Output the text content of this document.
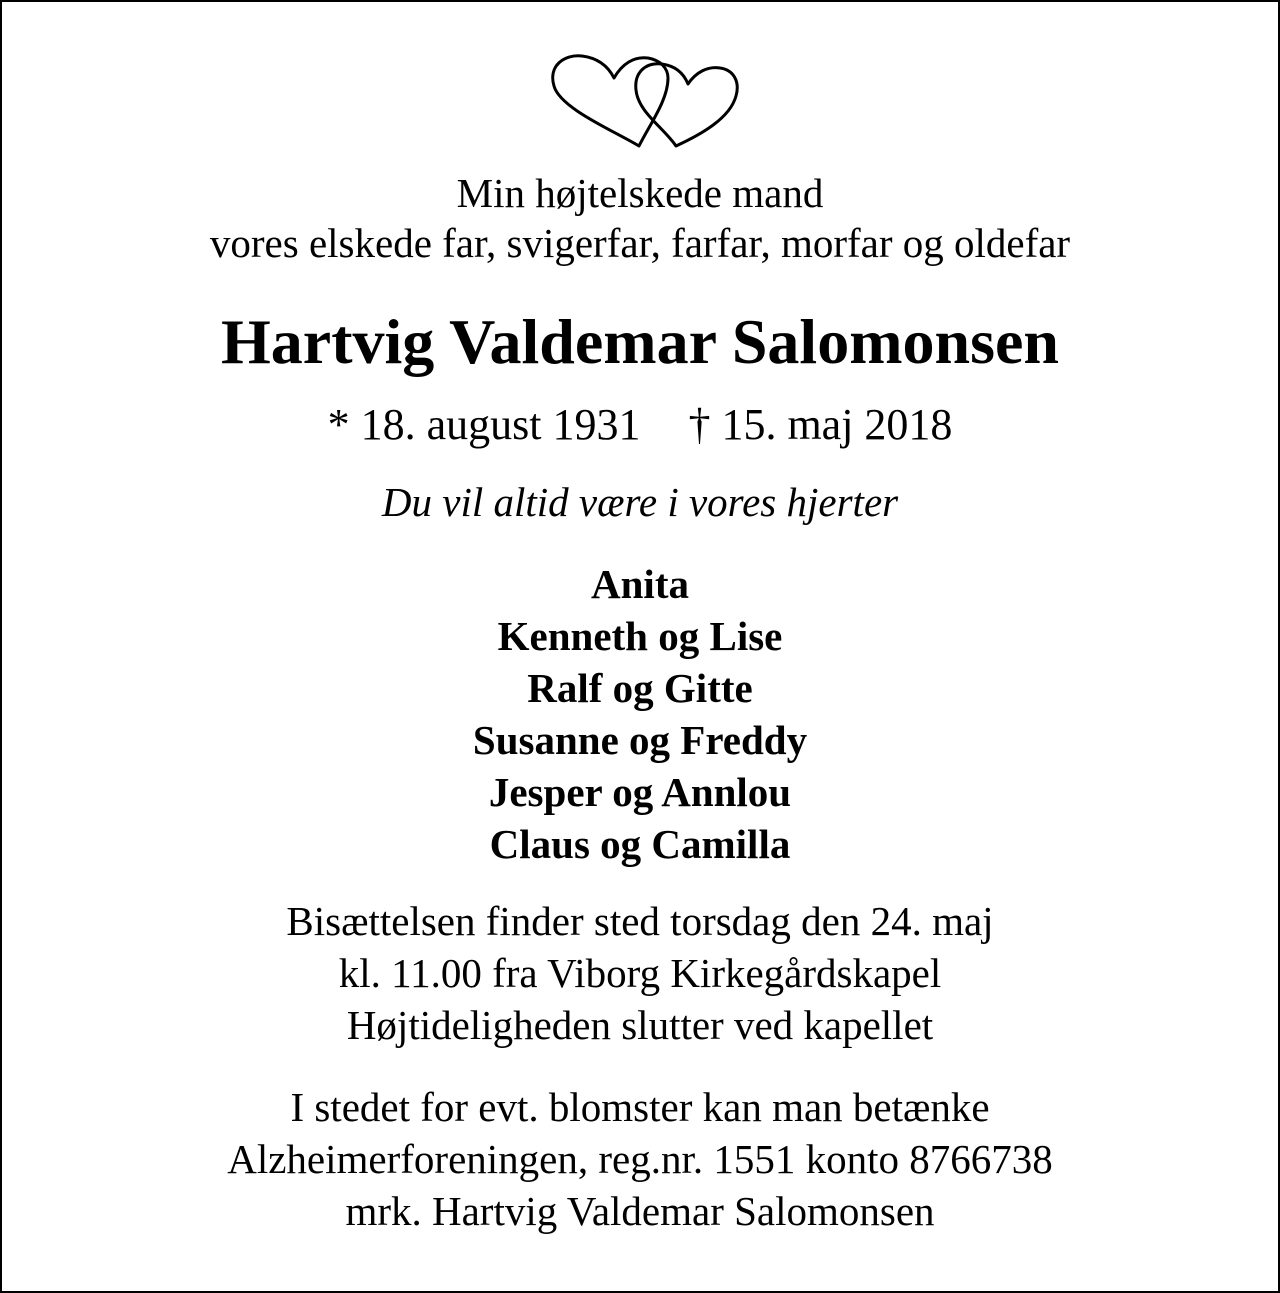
Min højtelskede mand
vores elskede far, svigerfar, farfar, morfar og oldefar
Hartvig Valdemar Salomonsen
* 18. august 1931 † 15. maj 2018
Du vil altid være i vores hjerter
Anita
Kenneth og Lise
Ralf og Gitte
Susanne og Freddy
Jesper og Annlou
Claus og Camilla
Bisættelsen finder sted torsdag den 24. maj
kl. 11.00 fra Viborg Kirkegårdskapel
Højtideligheden slutter ved kapellet
I stedet for evt. blomster kan man betænke
Alzheimerforeningen, reg.nr. 1551 konto 8766738
mrk. Hartvig Valdemar Salomonsen
